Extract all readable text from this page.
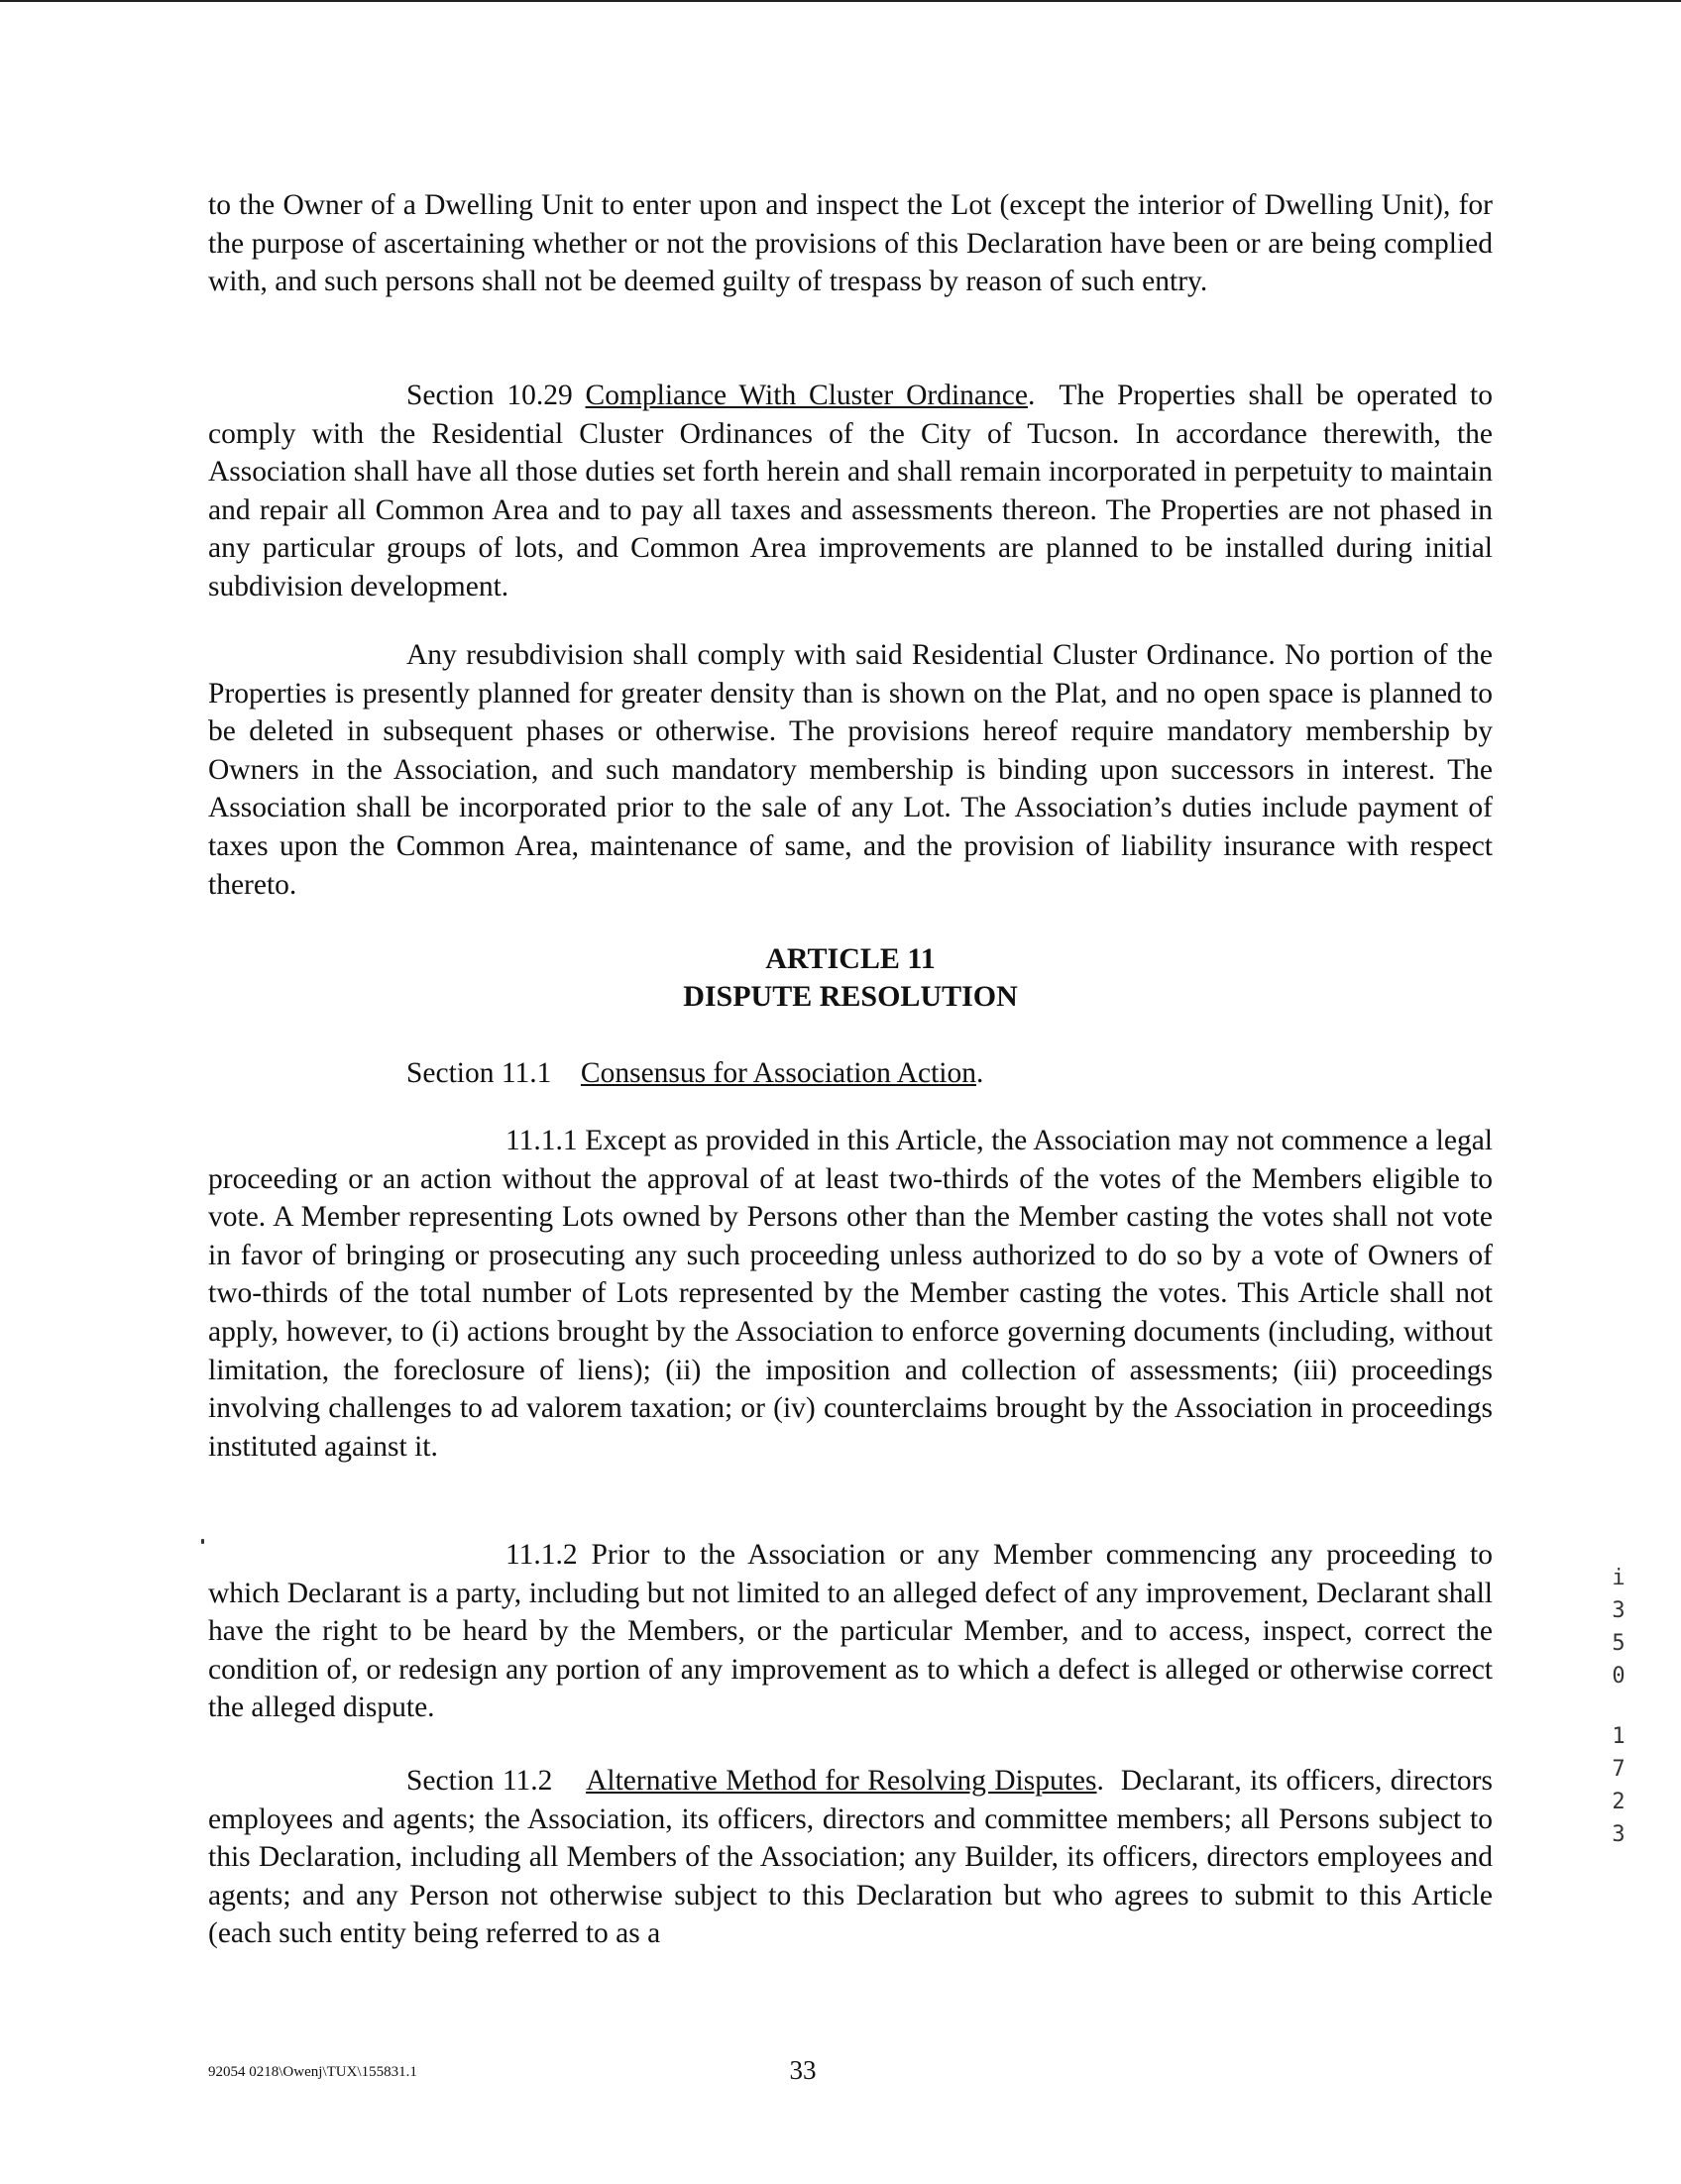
to the Owner of a Dwelling Unit to enter upon and inspect the Lot (except the interior of Dwelling Unit), for the purpose of ascertaining whether or not the provisions of this Declaration have been or are being complied with, and such persons shall not be deemed guilty of trespass by reason of such entry.

Section 10.29 Compliance With Cluster Ordinance. The Properties shall be operated to comply with the Residential Cluster Ordinances of the City of Tucson. In accordance therewith, the Association shall have all those duties set forth herein and shall remain incorporated in perpetuity to maintain and repair all Common Area and to pay all taxes and assessments thereon. The Properties are not phased in any particular groups of lots, and Common Area improvements are planned to be installed during initial subdivision development.

Any resubdivision shall comply with said Residential Cluster Ordinance. No portion of the Properties is presently planned for greater density than is shown on the Plat, and no open space is planned to be deleted in subsequent phases or otherwise. The provisions hereof require mandatory membership by Owners in the Association, and such mandatory membership is binding upon successors in interest. The Association shall be incorporated prior to the sale of any Lot. The Association’s duties include payment of taxes upon the Common Area, maintenance of same, and the provision of liability insurance with respect thereto.

ARTICLE 11
DISPUTE RESOLUTION

Section 11.1 Consensus for Association Action.

11.1.1 Except as provided in this Article, the Association may not commence a legal proceeding or an action without the approval of at least two-thirds of the votes of the Members eligible to vote. A Member representing Lots owned by Persons other than the Member casting the votes shall not vote in favor of bringing or prosecuting any such proceeding unless authorized to do so by a vote of Owners of two-thirds of the total number of Lots represented by the Member casting the votes. This Article shall not apply, however, to (i) actions brought by the Association to enforce governing documents (including, without limitation, the foreclosure of liens); (ii) the imposition and collection of assessments; (iii) proceedings involving challenges to ad valorem taxation; or (iv) counterclaims brought by the Association in proceedings instituted against it.

11.1.2 Prior to the Association or any Member commencing any proceeding to which Declarant is a party, including but not limited to an alleged defect of any improvement, Declarant shall have the right to be heard by the Members, or the particular Member, and to access, inspect, correct the condition of, or redesign any portion of any improvement as to which a defect is alleged or otherwise correct the alleged dispute.

Section 11.2 Alternative Method for Resolving Disputes.  Declarant, its officers, directors employees and agents; the Association, its officers, directors and committee members; all Persons subject to this Declaration, including all Members of the Association; any Builder, its officers, directors employees and agents; and any Person not otherwise subject to this Declaration but who agrees to submit to this Article (each such entity being referred to as a

i
3
5
0
1
7
2
3
92054 0218\Owenj\TUX\155831.1	33
